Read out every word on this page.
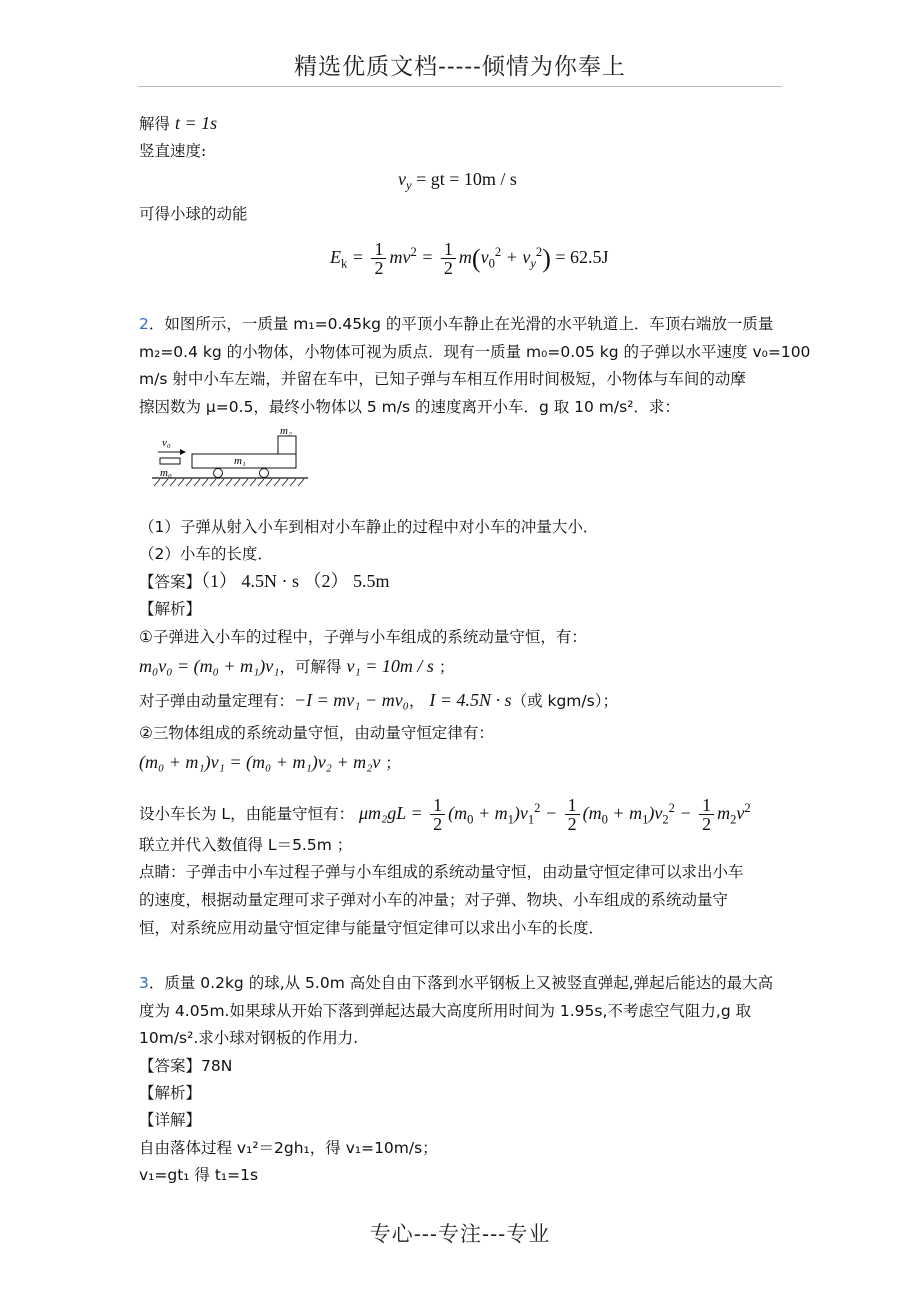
精选优质文档-----倾情为你奉上
解得 t = 1s
竖直速度:
$v_y$ = gt = 10m / s
可得小球的动能
$E_k = \frac{1}{2} mv^2 = \frac{1}{2} m(v_0^2 + v_y^2) = 62.5J$
2．如图所示，一质量 m₁=0.45kg 的平顶小车静止在光滑的水平轨道上．车顶右端放一质量
m₂=0.4 kg 的小物体，小物体可视为质点．现有一质量 m₀=0.05 kg 的子弹以水平速度 v₀=100
m/s 射中小车左端，并留在车中，已知子弹与车相互作用时间极短，小物体与车间的动摩
擦因数为 μ=0.5，最终小物体以 5 m/s 的速度离开小车．g 取 10 m/s²．求：
v₀
m₀
m₁
m₂
（1）子弹从射入小车到相对小车静止的过程中对小车的冲量大小．
（2）小车的长度．
【答案】（1） 4.5N · s （2） 5.5m
【解析】
①子弹进入小车的过程中，子弹与小车组成的系统动量守恒，有：
m₀v₀ = (m₀ + m₁)v₁，可解得 v₁ = 10m / s ；
对子弹由动量定理有：−I = mv₁ − mv₀， I = 4.5N · s（或 kgm/s）；
②三物体组成的系统动量守恒，由动量守恒定律有：
(m₀ + m₁)v₁ = (m₀ + m₁)v₂ + m₂v ；
设小车长为 L，由能量守恒有： $\mu m_2gL = \frac{1}{2} (m_0 + m_1)v_1^2 - \frac{1}{2} (m_0 + m_1)v_2^2 - \frac{1}{2} m_2v^2$
联立并代入数值得 L＝5.5m ；
点睛：子弹击中小车过程子弹与小车组成的系统动量守恒，由动量守恒定律可以求出小车
的速度，根据动量定理可求子弹对小车的冲量；对子弹、物块、小车组成的系统动量守
恒，对系统应用动量守恒定律与能量守恒定律可以求出小车的长度．
3．质量 0.2kg 的球,从 5.0m 高处自由下落到水平钢板上又被竖直弹起,弹起后能达的最大高
度为 4.05m.如果球从开始下落到弹起达最大高度所用时间为 1.95s,不考虑空气阻力,g 取
10m/s².求小球对钢板的作用力.
【答案】78N
【解析】
【详解】
自由落体过程 v₁²＝2gh₁，得 v₁=10m/s；
v₁=gt₁ 得 t₁=1s
专心---专注---专业
